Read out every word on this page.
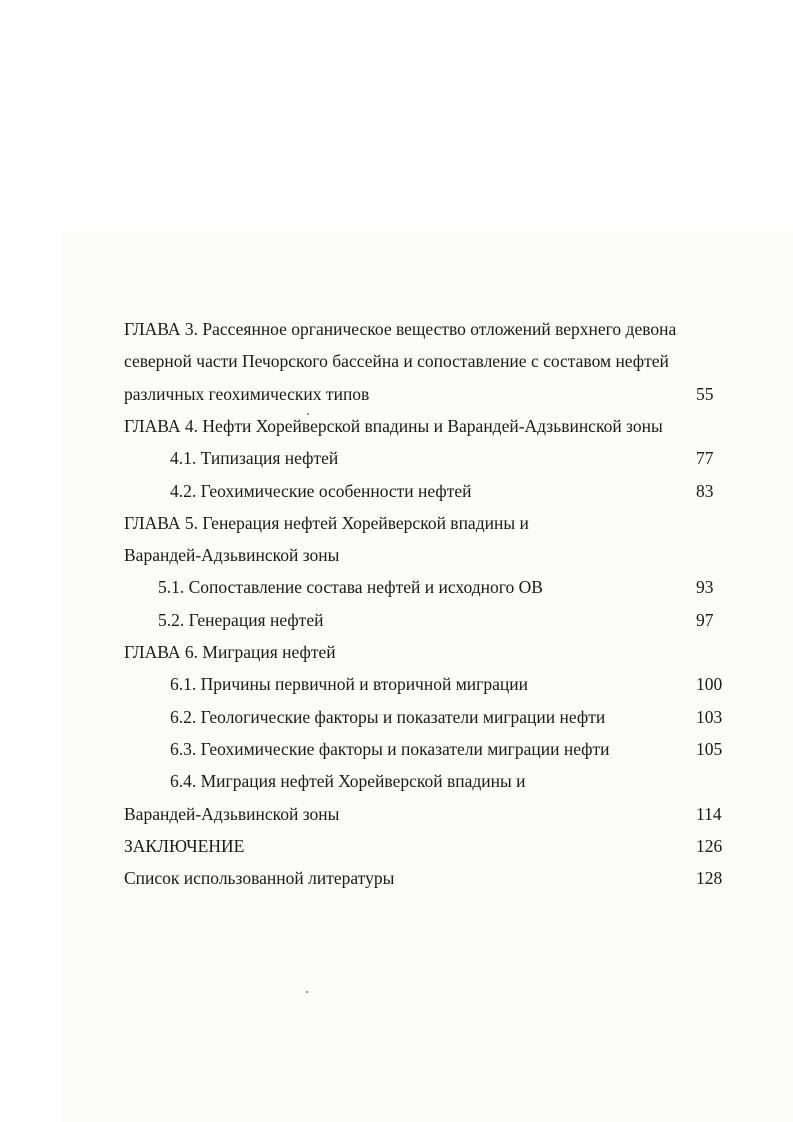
ГЛАВА 3. Рассеянное органическое вещество отложений верхнего девона
северной части Печорского бассейна и сопоставление с составом нефтей
различных геохимических типов	55
ГЛАВА 4. Нефти Хорейверской впадины и Варандей-Адзьвинской зоны
4.1. Типизация нефтей	77
4.2. Геохимические особенности нефтей	83
ГЛАВА 5. Генерация нефтей Хорейверской впадины и
Варандей-Адзьвинской зоны
5.1. Сопоставление состава нефтей и исходного ОВ	93
5.2. Генерация нефтей	97
ГЛАВА 6. Миграция нефтей
6.1. Причины первичной и вторичной миграции	100
6.2. Геологические факторы и показатели миграции нефти	103
6.3. Геохимические факторы и показатели миграции нефти	105
6.4. Миграция нефтей Хорейверской впадины и
Варандей-Адзьвинской зоны	114
ЗАКЛЮЧЕНИЕ	126
Список использованной литературы	128
